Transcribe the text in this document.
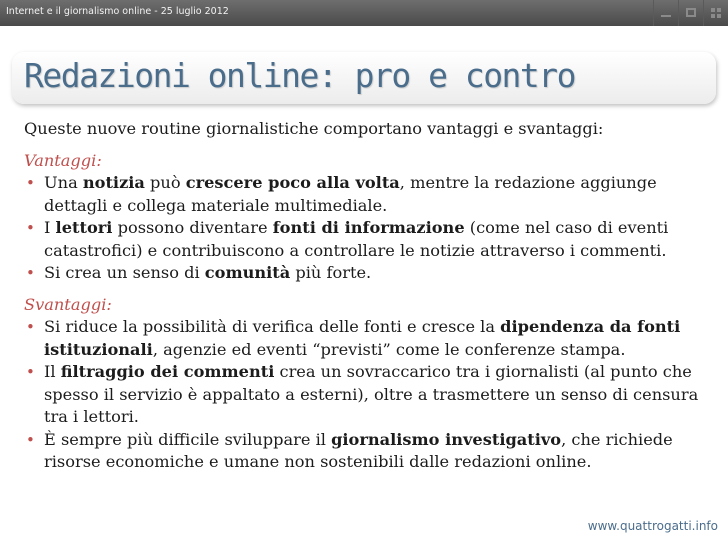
Internet e il giornalismo online - 25 luglio 2012
Redazioni online: pro e contro

Queste nuove routine giornalistiche comportano vantaggi e svantaggi:

Vantaggi:

• Una notizia può crescere poco alla volta, mentre la redazione aggiunge dettagli e collega materiale multimediale.
• I lettori possono diventare fonti di informazione (come nel caso di eventi catastrofici) e contribuiscono a controllare le notizie attraverso i commenti.
• Si crea un senso di comunità più forte.

Svantaggi:

• Si riduce la possibilità di verifica delle fonti e cresce la dipendenza da fonti istituzionali, agenzie ed eventi “previsti” come le conferenze stampa.
• Il filtraggio dei commenti crea un sovraccarico tra i giornalisti (al punto che spesso il servizio è appaltato a esterni), oltre a trasmettere un senso di censura tra i lettori.
• È sempre più difficile sviluppare il giornalismo investigativo, che richiede risorse economiche e umane non sostenibili dalle redazioni online.
www.quattrogatti.info
